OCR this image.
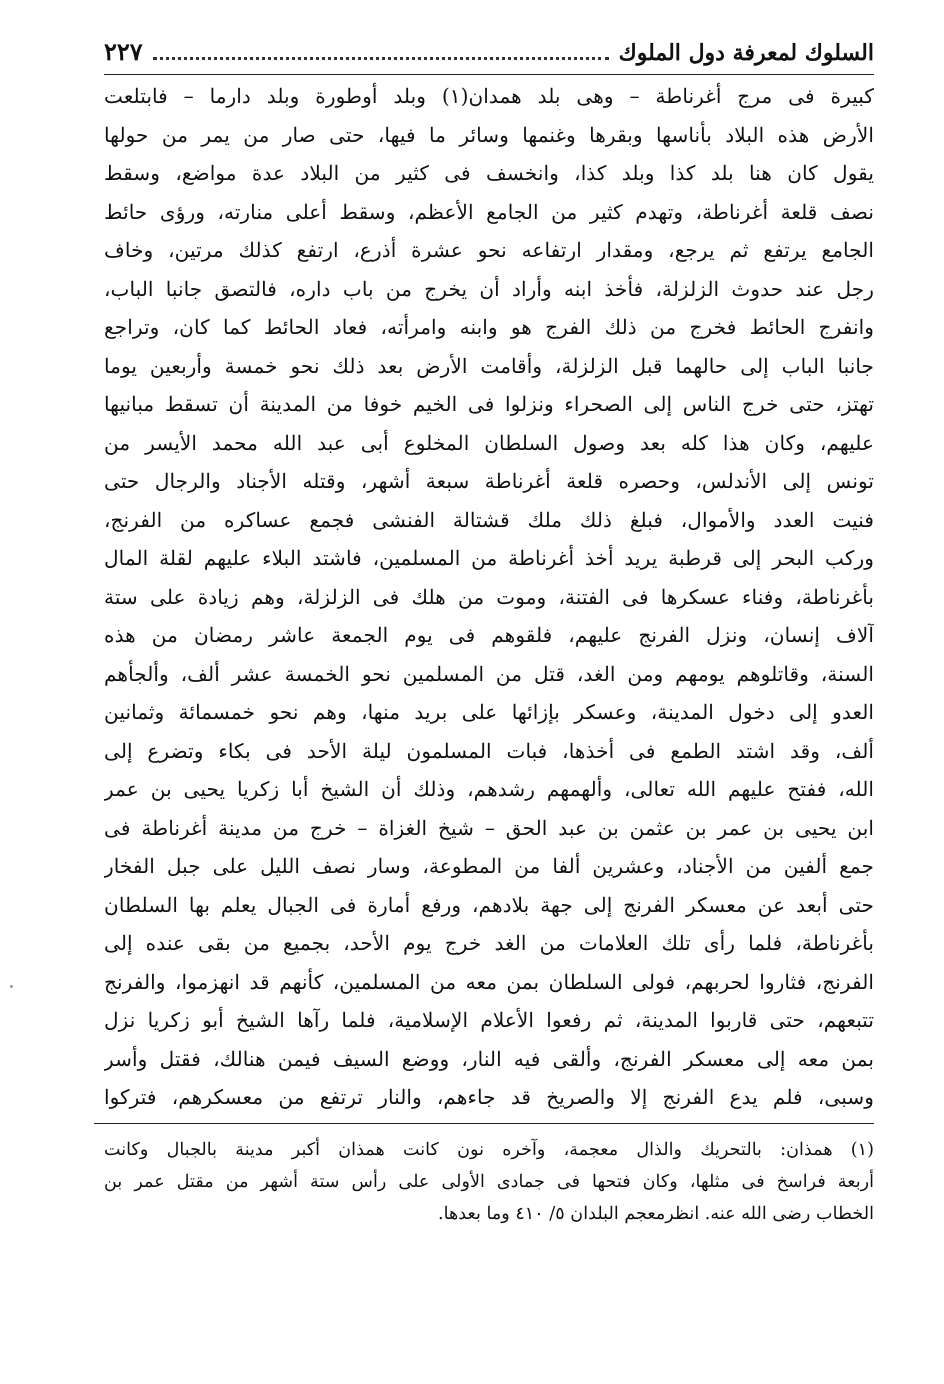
السلوك لمعرفة دول الملوك
٢٢٧
كبيرة فى مرج أغرناطة – وهى بلد همدان(١) وبلد أوطورة وبلد دارما – فابتلعت
الأرض هذه البلاد بأناسها وبقرها وغنمها وسائر ما فيها، حتى صار من يمر من حولها
يقول كان هنا بلد كذا وبلد كذا، وانخسف فى كثير من البلاد عدة مواضع، وسقط
نصف قلعة أغرناطة، وتهدم كثير من الجامع الأعظم، وسقط أعلى منارته، ورؤى حائط
الجامع يرتفع ثم يرجع، ومقدار ارتفاعه نحو عشرة أذرع، ارتفع كذلك مرتين، وخاف
رجل عند حدوث الزلزلة، فأخذ ابنه وأراد أن يخرج من باب داره، فالتصق جانبا الباب،
وانفرج الحائط فخرج من ذلك الفرج هو وابنه وامرأته، فعاد الحائط كما كان، وتراجع
جانبا الباب إلى حالهما قبل الزلزلة، وأقامت الأرض بعد ذلك نحو خمسة وأربعين يوما
تهتز، حتى خرج الناس إلى الصحراء ونزلوا فى الخيم خوفا من المدينة أن تسقط مبانيها
عليهم، وكان هذا كله بعد وصول السلطان المخلوع أبى عبد الله محمد الأيسر من
تونس إلى الأندلس، وحصره قلعة أغرناطة سبعة أشهر، وقتله الأجناد والرجال حتى
فنيت العدد والأموال، فبلغ ذلك ملك قشتالة الفنشى فجمع عساكره من الفرنج،
وركب البحر إلى قرطبة يريد أخذ أغرناطة من المسلمين، فاشتد البلاء عليهم لقلة المال
بأغرناطة، وفناء عسكرها فى الفتنة، وموت من هلك فى الزلزلة، وهم زيادة على ستة
آلاف إنسان، ونزل الفرنج عليهم، فلقوهم فى يوم الجمعة عاشر رمضان من هذه
السنة، وقاتلوهم يومهم ومن الغد، قتل من المسلمين نحو الخمسة عشر ألف، وألجأهم
العدو إلى دخول المدينة، وعسكر بإزائها على بريد منها، وهم نحو خمسمائة وثمانين
ألف، وقد اشتد الطمع فى أخذها، فبات المسلمون ليلة الأحد فى بكاء وتضرع إلى
الله، ففتح عليهم الله تعالى، وألهمهم رشدهم، وذلك أن الشيخ أبا زكريا يحيى بن عمر
ابن يحيى بن عمر بن عثمن بن عبد الحق – شيخ الغزاة – خرج من مدينة أغرناطة فى
جمع ألفين من الأجناد، وعشرين ألفا من المطوعة، وسار نصف الليل على جبل الفخار
حتى أبعد عن معسكر الفرنج إلى جهة بلادهم، ورفع أمارة فى الجبال يعلم بها السلطان
بأغرناطة، فلما رأى تلك العلامات من الغد خرج يوم الأحد، بجميع من بقى عنده إلى
الفرنج، فثاروا لحربهم، فولى السلطان بمن معه من المسلمين، كأنهم قد انهزموا، والفرنج
تتبعهم، حتى قاربوا المدينة، ثم رفعوا الأعلام الإسلامية، فلما رآها الشيخ أبو زكريا نزل
بمن معه إلى معسكر الفرنج، وألقى فيه النار، ووضع السيف فيمن هنالك، فقتل وأسر
وسبى، فلم يدع الفرنج إلا والصريخ قد جاءهم، والنار ترتفع من معسكرهم، فتركوا
(١) همذان: بالتحريك والذال معجمة، وآخره نون كانت همذان أكبر مدينة بالجبال وكانت
أربعة فراسخ فى مثلها، وكان فتحها فى جمادى الأولى على رأس ستة أشهر من مقتل عمر بن
الخطاب رضى الله عنه. انظرمعجم البلدان ٥/ ٤١٠ وما بعدها.
